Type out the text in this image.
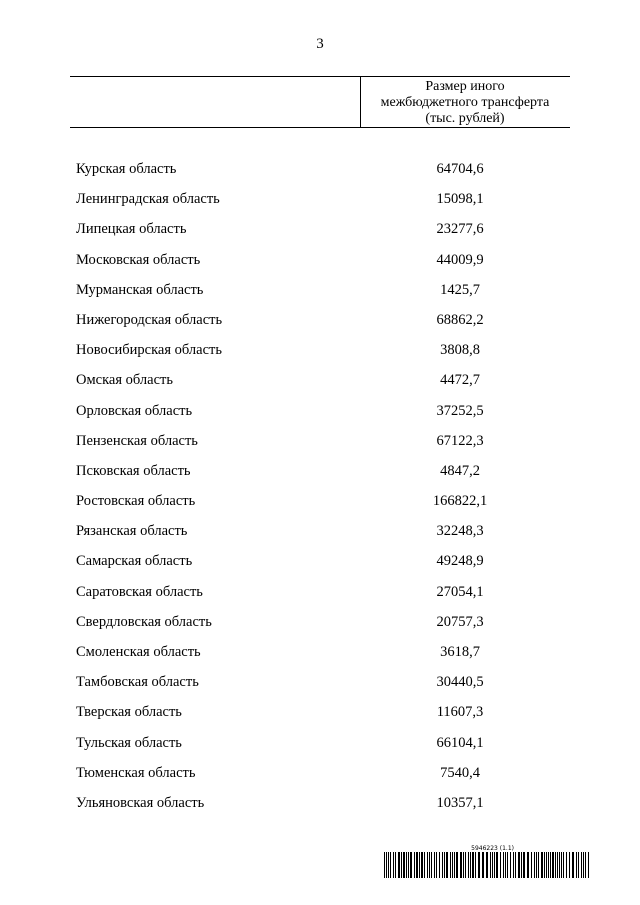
3
Размер иного
межбюджетного трансферта
(тыс. рублей)
Курская область	64704,6
Ленинградская область	15098,1
Липецкая область	23277,6
Московская область	44009,9
Мурманская область	1425,7
Нижегородская область	68862,2
Новосибирская область	3808,8
Омская область	4472,7
Орловская область	37252,5
Пензенская область	67122,3
Псковская область	4847,2
Ростовская область	166822,1
Рязанская область	32248,3
Самарская область	49248,9
Саратовская область	27054,1
Свердловская область	20757,3
Смоленская область	3618,7
Тамбовская область	30440,5
Тверская область	11607,3
Тульская область	66104,1
Тюменская область	7540,4
Ульяновская область	10357,1
5946223 (1.1)
